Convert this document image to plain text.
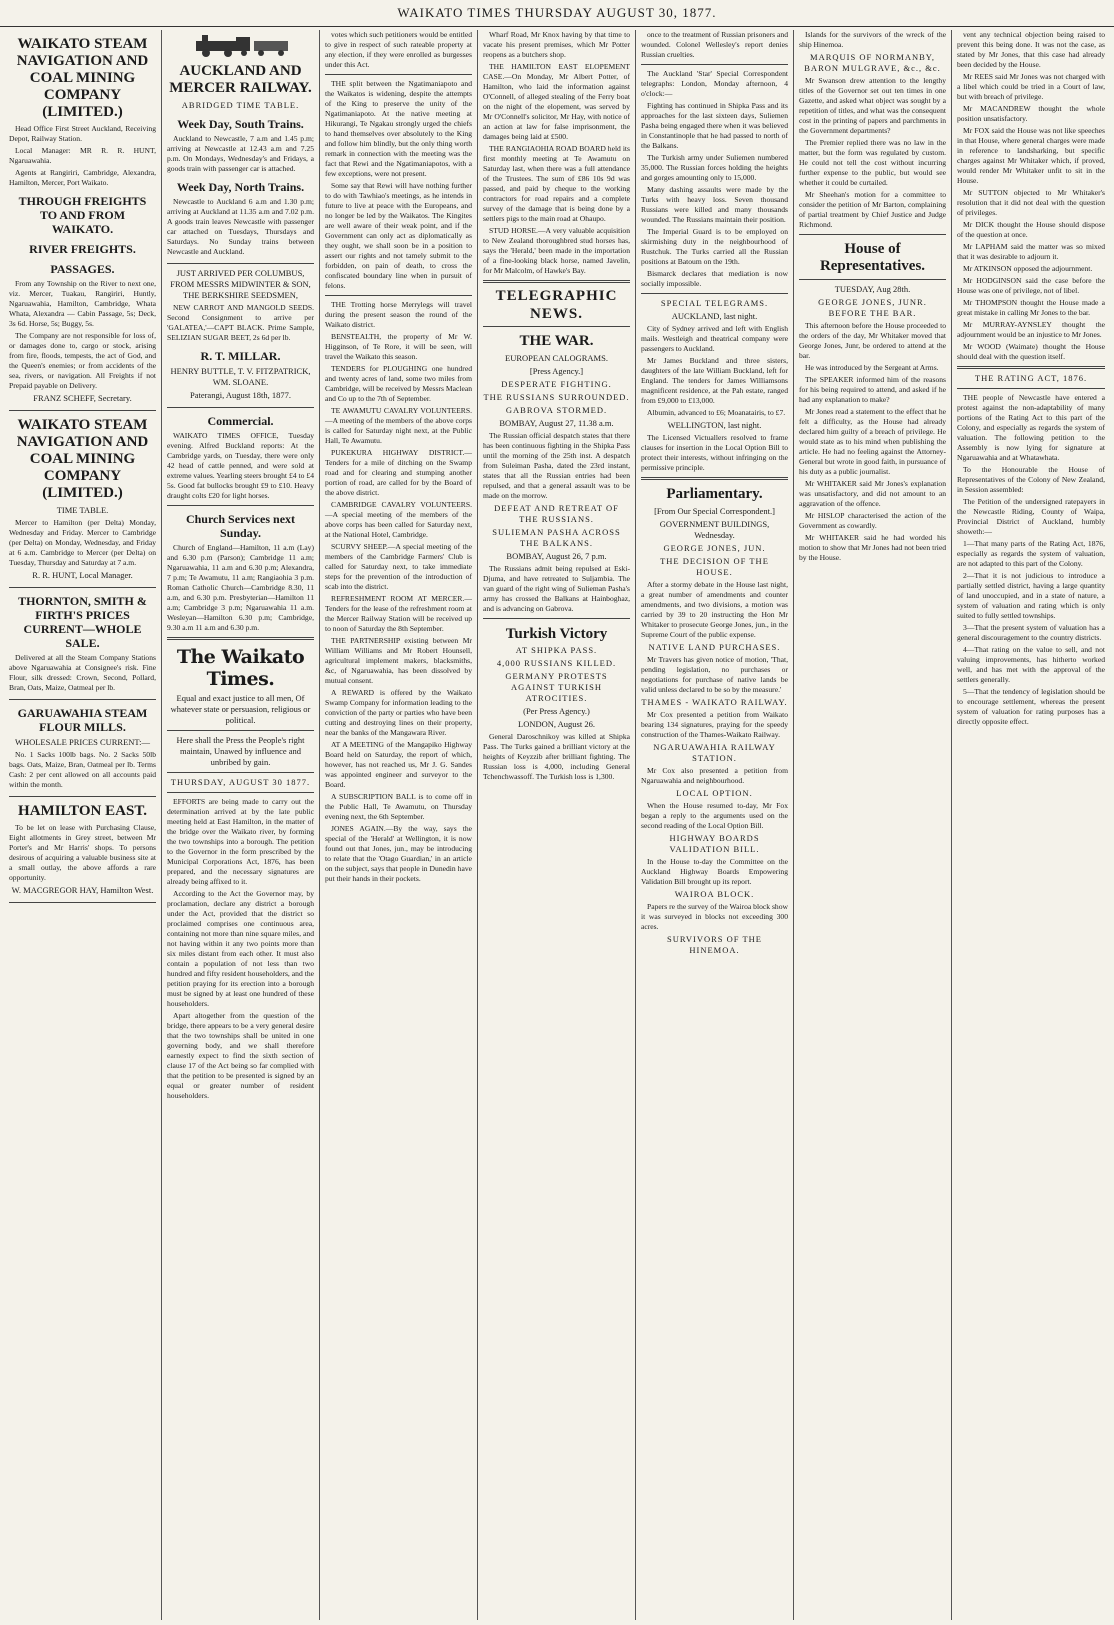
WAIKATO TIMES THURSDAY AUGUST 30, 1877.
WAIKATO STEAM NAVIGATION AND COAL MINING COMPANY (LIMITED.)

Head Office First Street Auckland, Receiving Depot, Railway Station.

Local Manager: MR R. R. HUNT, Ngaruawahia.

Agents at Rangiriri, Cambridge, Alexandra, Hamilton, Mercer, Port Waikato.

THROUGH FREIGHTS TO AND FROM WAIKATO.
RIVER FREIGHTS.
PASSAGES.

From any Township on the River to next one, viz. Mercer, Tuakau, Rangiriri, Huntly, Ngaruawahia, Hamilton, Cambridge, Whata Whata, Alexandra — Cabin Passage, 5s; Deck, 3s 6d. Horse, 5s; Buggy, 5s.

The Company are not responsible for loss of, or damages done to, cargo or stock, arising from fire, floods, tempests, the act of God, and the Queen's enemies; or from accidents of the sea, rivers, or navigation. All Freights if not Prepaid payable on Delivery.

FRANZ SCHEFF, Secretary.
WAIKATO STEAM NAVIGATION AND COAL MINING COMPANY (LIMITED.)
TIME TABLE.

Mercer to Hamilton (per Delta) Monday, Wednesday and Friday. Mercer to Cambridge (per Delta) on Monday, Wednesday, and Friday at 6 a.m. Cambridge to Mercer (per Delta) on Tuesday, Thursday and Saturday at 7 a.m.

R. R. HUNT, Local Manager.
THORNTON, SMITH & FIRTH'S PRICES CURRENT—WHOLE SALE.

Delivered at all the Steam Company Stations above Ngaruawahia at Consignee's risk. Fine Flour, silk dressed: Crown, Second, Pollard, Bran, Oats, Maize, Oatmeal per lb.

GARUAWAHIA STEAM FLOUR MILLS.
WHOLESALE PRICES CURRENT:—

No. 1 Sacks 100lb bags. No. 2 Sacks 50lb bags. Oats, Maize, Bran, Oatmeal per lb. Terms Cash: 2 per cent allowed on all accounts paid within the month.

HAMILTON EAST.

To be let on lease with Purchasing Clause, Eight allotments in Grey street, between Mr Porter's and Mr Harris' shops. To persons desirous of acquiring a valuable business site at a small outlay, the above affords a rare opportunity.

W. MACGREGOR HAY, Hamilton West.
AUCKLAND AND MERCER RAILWAY.
ABRIDGED TIME TABLE.
Week Day, South Trains.

Auckland to Newcastle, 7 a.m and 1.45 p.m; arriving at Newcastle at 12.43 a.m and 7.25 p.m. On Mondays, Wednesday's and Fridays, a goods train with passenger car is attached.

Week Day, North Trains.

Newcastle to Auckland 6 a.m and 1.30 p.m; arriving at Auckland at 11.35 a.m and 7.02 p.m. A goods train leaves Newcastle with passenger car attached on Tuesdays, Thursdays and Saturdays. No Sunday trains between Newcastle and Auckland.

JUST ARRIVED PER COLUMBUS, FROM MESSRS MIDWINTER & SON, THE BERKSHIRE SEEDSMEN,

NEW CARROT AND MANGOLD SEEDS. Second Consignment to arrive per 'GALATEA,'—CAPT BLACK. Prime Sample, SELIZIAN SUGAR BEET, 2s 6d per lb.

R. T. MILLAR.
HENRY BUTTLE, T. V. FITZPATRICK, WM. SLOANE.
Paterangi, August 18th, 1877.
Commercial.

WAIKATO TIMES OFFICE, Tuesday evening. Alfred Buckland reports: At the Cambridge yards, on Tuesday, there were only 42 head of cattle penned, and were sold at extreme values. Yearling steers brought £4 to £4 5s. Good fat bullocks brought £9 to £10. Heavy draught colts £20 for light horses.

Church Services next Sunday.

Church of England—Hamilton, 11 a.m (Lay) and 6.30 p.m (Parson); Cambridge 11 a.m; Ngaruawahia, 11 a.m and 6.30 p.m; Alexandra, 7 p.m; Te Awamutu, 11 a.m; Rangiaohia 3 p.m. Roman Catholic Church—Cambridge 8.30, 11 a.m, and 6.30 p.m. Presbyterian—Hamilton 11 a.m; Cambridge 3 p.m; Ngaruawahia 11 a.m. Wesleyan—Hamilton 6.30 p.m; Cambridge, 9.30 a.m 11 a.m and 6.30 p.m.

The Waikato Times.
Equal and exact justice to all men, Of whatever state or persuasion, religious or political.
Here shall the Press the People's right maintain, Unawed by influence and unbribed by gain.
THURSDAY, AUGUST 30 1877.

EFFORTS are being made to carry out the determination arrived at by the late public meeting held at East Hamilton, in the matter of the bridge over the Waikato river, by forming the two townships into a borough. The petition to the Governor in the form prescribed by the Municipal Corporations Act, 1876, has been prepared, and the necessary signatures are already being affixed to it.

According to the Act the Governor may, by proclamation, declare any district a borough under the Act, provided that the district so proclaimed comprises one continuous area, containing not more than nine square miles, and not having within it any two points more than six miles distant from each other. It must also contain a population of not less than two hundred and fifty resident householders, and the petition praying for its erection into a borough must be signed by at least one hundred of these householders.

Apart altogether from the question of the bridge, there appears to be a very general desire that the two townships shall be united in one governing body, and we shall therefore earnestly expect to find the sixth section of clause 17 of the Act being so far complied with that the petition to be presented is signed by an equal or greater number of resident householders.

votes which such petitioners would be entitled to give in respect of such rateable property at any election, if they were enrolled as burgesses under this Act.

THE split between the Ngatimaniapoto and the Waikatos is widening, despite the attempts of the King to preserve the unity of the Ngatimaniapoto. At the native meeting at Hikurangi, Te Ngakau strongly urged the chiefs to hand themselves over absolutely to the King and follow him blindly, but the only thing worth remark in connection with the meeting was the fact that Rewi and the Ngatimaniapotos, with a few exceptions, were not present.

Some say that Rewi will have nothing further to do with Tawhiao's meetings, as he intends in future to live at peace with the Europeans, and no longer be led by the Waikatos. The Kingites are well aware of their weak point, and if the Government can only act as diplomatically as they ought, we shall soon be in a position to assert our rights and not tamely submit to the forbidden, on pain of death, to cross the confiscated boundary line when in pursuit of felons.

THE Trotting horse Merrylegs will travel during the present season the round of the Waikato district.

BENSTEALTH, the property of Mr W. Higginson, of Te Rore, it will be seen, will travel the Waikato this season.

TENDERS for PLOUGHING one hundred and twenty acres of land, some two miles from Cambridge, will be received by Messrs Maclean and Co up to the 7th of September.

TE AWAMUTU CAVALRY VOLUNTEERS.—A meeting of the members of the above corps is called for Saturday night next, at the Public Hall, Te Awamutu.

PUKEKURA HIGHWAY DISTRICT.—Tenders for a mile of ditching on the Swamp road and for clearing and stumping another portion of road, are called for by the Board of the above district.

CAMBRIDGE CAVALRY VOLUNTEERS.—A special meeting of the members of the above corps has been called for Saturday next, at the National Hotel, Cambridge.

SCURVY SHEEP.—A special meeting of the members of the Cambridge Farmers' Club is called for Saturday next, to take immediate steps for the prevention of the introduction of scab into the district.

REFRESHMENT ROOM AT MERCER.—Tenders for the lease of the refreshment room at the Mercer Railway Station will be received up to noon of Saturday the 8th September.

THE PARTNERSHIP existing between Mr William Williams and Mr Robert Hounsell, agricultural implement makers, blacksmiths, &c, of Ngaruawahia, has been dissolved by mutual consent.

A REWARD is offered by the Waikato Swamp Company for information leading to the conviction of the party or parties who have been cutting and destroying lines on their property, near the banks of the Mangawara River.

AT A MEETING of the Mangapiko Highway Board held on Saturday, the report of which, however, has not reached us, Mr J. G. Sandes was appointed engineer and surveyor to the Board.

A SUBSCRIPTION BALL is to come off in the Public Hall, Te Awamutu, on Thursday evening next, the 6th September.

JONES AGAIN.—By the way, says the special of the 'Herald' at Wellington, it is now found out that Jones, jun., may be introducing to relate that the 'Otago Guardian,' in an article on the subject, says that people in Dunedin have put their hands in their pockets.

Wharf Road, Mr Knox having by that time to vacate his present premises, which Mr Potter reopens as a butchers shop.

THE HAMILTON EAST ELOPEMENT CASE.—On Monday, Mr Albert Potter, of Hamilton, who laid the information against O'Connell, of alleged stealing of the Ferry boat on the night of the elopement, was served by Mr O'Connell's solicitor, Mr Hay, with notice of an action at law for false imprisonment, the damages being laid at £500.

THE RANGIAOHIA ROAD BOARD held its first monthly meeting at Te Awamutu on Saturday last, when there was a full attendance of the Trustees. The sum of £86 10s 9d was passed, and paid by cheque to the working contractors for road repairs and a complete survey of the damage that is being done by a settlers pigs to the main road at Ohaupo.

STUD HORSE.—A very valuable acquisition to New Zealand thoroughbred stud horses has, says the 'Herald,' been made in the importation of a fine-looking black horse, named Javelin, for Mr Malcolm, of Hawke's Bay.

TELEGRAPHIC NEWS.
THE WAR.
EUROPEAN CALOGRAMS.
[Press Agency.]
DESPERATE FIGHTING.
THE RUSSIANS SURROUNDED.
GABROVA STORMED.
BOMBAY, August 27, 11.38 a.m.

The Russian official despatch states that there has been continuous fighting in the Shipka Pass until the morning of the 25th inst. A despatch from Suleiman Pasha, dated the 23rd instant, states that all the Russian entries had been repulsed, and that a general assault was to be made on the morrow.

DEFEAT AND RETREAT OF THE RUSSIANS.
SULIEMAN PASHA ACROSS THE BALKANS.
BOMBAY, August 26, 7 p.m.

The Russians admit being repulsed at Eski-Djuma, and have retreated to Suljambia. The van guard of the right wing of Sulieman Pasha's army has crossed the Balkans at Hainboghaz, and is advancing on Gabrova.

Turkish Victory
AT SHIPKA PASS.
4,000 RUSSIANS KILLED.
GERMANY PROTESTS AGAINST TURKISH ATROCITIES.
(Per Press Agency.)
LONDON, August 26.

General Daroschnikoy was killed at Shipka Pass. The Turks gained a brilliant victory at the heights of Keyzzib after brilliant fighting. The Russian loss is 4,000, including General Tchenchwassoff. The Turkish loss is 1,300.

once to the treatment of Russian prisoners and wounded. Colonel Wellesley's report denies Russian cruelties.

The Auckland 'Star' Special Correspondent telegraphs: London, Monday afternoon, 4 o'clock:—

Fighting has continued in Shipka Pass and its approaches for the last sixteen days, Suliemen Pasha being engaged there when it was believed in Constantinople that he had passed to north of the Balkans.

The Turkish army under Suliemen numbered 35,000. The Russian forces holding the heights and gorges amounting only to 15,000.

Many dashing assaults were made by the Turks with heavy loss. Seven thousand Russians were killed and many thousands wounded. The Russians maintain their position.

The Imperial Guard is to be employed on skirmishing duty in the neighbourhood of Rustchuk. The Turks carried all the Russian positions at Batoum on the 19th.

Bismarck declares that mediation is now socially impossible.

SPECIAL TELEGRAMS.
AUCKLAND, last night.

City of Sydney arrived and left with English mails. Westleigh and theatrical company were passengers to Auckland.

Mr James Buckland and three sisters, daughters of the late William Buckland, left for England. The tenders for James Williamsons magnificent residence, at the Pah estate, ranged from £9,000 to £13,000.

Albumin, advanced to £6; Moanatairis, to £7.

WELLINGTON, last night.

The Licensed Victuallers resolved to frame clauses for insertion in the Local Option Bill to protect their interests, without infringing on the permissive principle.

Parliamentary.
[From Our Special Correspondent.]
GOVERNMENT BUILDINGS, Wednesday.
GEORGE JONES, JUN.
THE DECISION OF THE HOUSE.

After a stormy debate in the House last night, a great number of amendments and counter amendments, and two divisions, a motion was carried by 39 to 20 instructing the Hon Mr Whitaker to prosecute George Jones, jun., in the Supreme Court of the public expense.

NATIVE LAND PURCHASES.

Mr Travers has given notice of motion, 'That, pending legislation, no purchases or negotiations for purchase of native lands be valid unless declared to be so by the measure.'

THAMES - WAIKATO RAILWAY.

Mr Cox presented a petition from Waikato bearing 134 signatures, praying for the speedy construction of the Thames-Waikato Railway.

NGARUAWAHIA RAILWAY STATION.

Mr Cox also presented a petition from Ngaruawahia and neighbourhood.

LOCAL OPTION.

When the House resumed to-day, Mr Fox began a reply to the arguments used on the second reading of the Local Option Bill.

HIGHWAY BOARDS VALIDATION BILL.

In the House to-day the Committee on the Auckland Highway Boards Empowering Validation Bill brought up its report.

WAIROA BLOCK.

Papers re the survey of the Wairoa block show it was surveyed in blocks not exceeding 300 acres.

SURVIVORS OF THE HINEMOA.

Islands for the survivors of the wreck of the ship Hinemoa.

MARQUIS OF NORMANBY, BARON MULGRAVE, &c., &c.

Mr Swanson drew attention to the lengthy titles of the Governor set out ten times in one Gazette, and asked what object was sought by a repetition of titles, and what was the consequent cost in the printing of papers and parchments in the Government departments?

The Premier replied there was no law in the matter, but the form was regulated by custom. He could not tell the cost without incurring further expense to the public, but would see whether it could be curtailed.

Mr Sheehan's motion for a committee to consider the petition of Mr Barton, complaining of partial treatment by Chief Justice and Judge Richmond.

House of Representatives.
TUESDAY, Aug 28th.
GEORGE JONES, JUNR. BEFORE THE BAR.

This afternoon before the House proceeded to the orders of the day, Mr Whitaker moved that George Jones, Junr, be ordered to attend at the bar.

He was introduced by the Sergeant at Arms.

The SPEAKER informed him of the reasons for his being required to attend, and asked if he had any explanation to make?

Mr Jones read a statement to the effect that he felt a difficulty, as the House had already declared him guilty of a breach of privilege. He would state as to his mind when publishing the article. He had no feeling against the Attorney-General but wrote in good faith, in pursuance of his duty as a public journalist.

Mr WHITAKER said Mr Jones's explanation was unsatisfactory, and did not amount to an aggravation of the offence.

Mr HISLOP characterised the action of the Government as cowardly.

Mr WHITAKER said he had worded his motion to show that Mr Jones had not been tried by the House.

vent any technical objection being raised to prevent this being done. It was not the case, as stated by Mr Jones, that this case had already been decided by the House.

Mr REES said Mr Jones was not charged with a libel which could be tried in a Court of law, but with breach of privilege.

Mr MACANDREW thought the whole position unsatisfactory.

Mr FOX said the House was not like speeches in that House, where general charges were made in reference to landsharking, but specific charges against Mr Whitaker which, if proved, would render Mr Whitaker unfit to sit in the House.

Mr SUTTON objected to Mr Whitaker's resolution that it did not deal with the question of privileges.

Mr DICK thought the House should dispose of the question at once.

Mr LAPHAM said the matter was so mixed that it was desirable to adjourn it.

Mr ATKINSON opposed the adjournment.

Mr HODGINSON said the case before the House was one of privilege, not of libel.

Mr THOMPSON thought the House made a great mistake in calling Mr Jones to the bar.

Mr MURRAY-AYNSLEY thought the adjournment would be an injustice to Mr Jones.

Mr WOOD (Waimate) thought the House should deal with the question itself.

THE RATING ACT, 1876.

THE people of Newcastle have entered a protest against the non-adaptability of many portions of the Rating Act to this part of the Colony, and especially as regards the system of valuation. The following petition to the Assembly is now lying for signature at Ngaruawahia and at Whatawhata.

To the Honourable the House of Representatives of the Colony of New Zealand, in Session assembled:

The Petition of the undersigned ratepayers in the Newcastle Riding, County of Waipa, Provincial District of Auckland, humbly showeth:—

1—That many parts of the Rating Act, 1876, especially as regards the system of valuation, are not adapted to this part of the Colony.

2—That it is not judicious to introduce a partially settled district, having a large quantity of land unoccupied, and in a state of nature, a system of valuation and rating which is only suited to fully settled townships.

3—That the present system of valuation has a general discouragement to the country districts.

4—That rating on the value to sell, and not valuing improvements, has hitherto worked well, and has met with the approval of the settlers generally.

5—That the tendency of legislation should be to encourage settlement, whereas the present system of valuation for rating purposes has a directly opposite effect.
